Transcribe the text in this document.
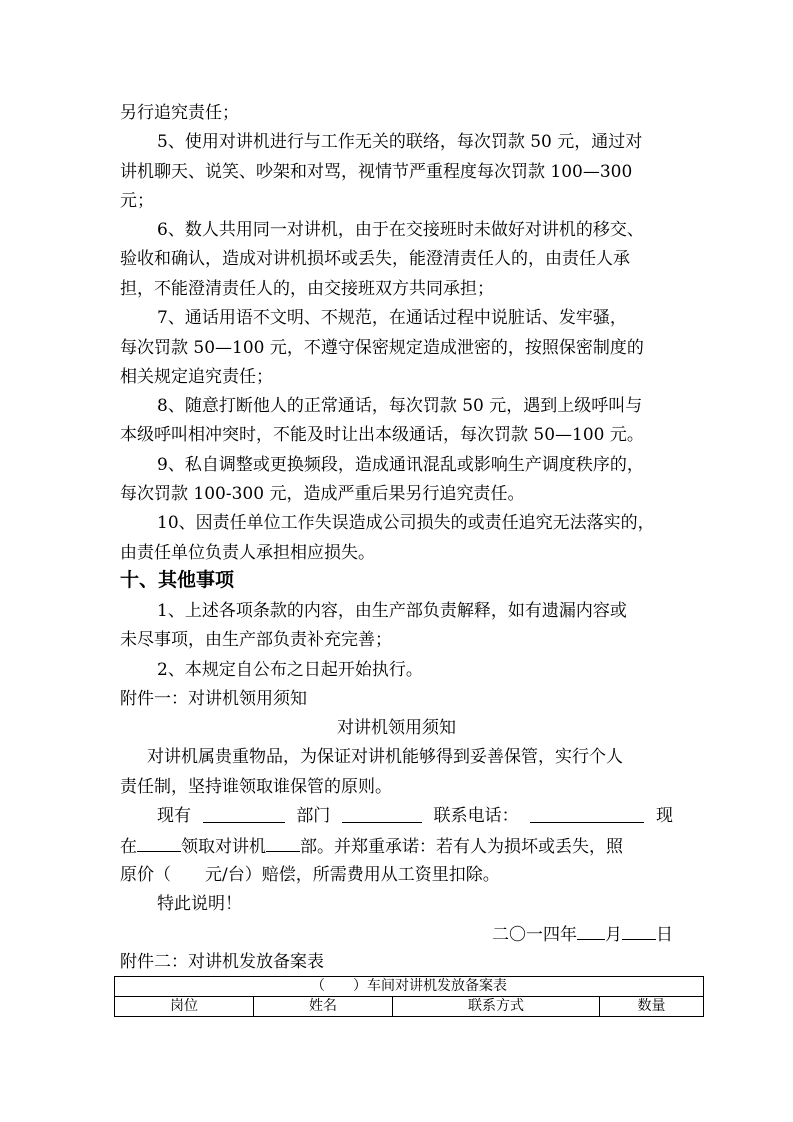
另行追究责任；
5、使用对讲机进行与工作无关的联络，每次罚款 50 元，通过对
讲机聊天、说笑、吵架和对骂，视情节严重程度每次罚款 100—300
元；
6、数人共用同一对讲机，由于在交接班时未做好对讲机的移交、
验收和确认，造成对讲机损坏或丢失，能澄清责任人的，由责任人承
担，不能澄清责任人的，由交接班双方共同承担；
7、通话用语不文明、不规范，在通话过程中说脏话、发牢骚，
每次罚款 50—100 元，不遵守保密规定造成泄密的，按照保密制度的
相关规定追究责任；
8、随意打断他人的正常通话，每次罚款 50 元，遇到上级呼叫与
本级呼叫相冲突时，不能及时让出本级通话，每次罚款 50—100 元。
9、私自调整或更换频段，造成通讯混乱或影响生产调度秩序的，
每次罚款 100-300 元，造成严重后果另行追究责任。
10、因责任单位工作失误造成公司损失的或责任追究无法落实的，
由责任单位负责人承担相应损失。
十、其他事项
1、上述各项条款的内容，由生产部负责解释，如有遗漏内容或
未尽事项，由生产部负责补充完善；
2、本规定自公布之日起开始执行。
附件一：对讲机领用须知
对讲机领用须知
对讲机属贵重物品，为保证对讲机能够得到妥善保管，实行个人
责任制，坚持谁领取谁保管的原则。
现有	部门	联系电话：	现
在	领取对讲机 部。并郑重承诺：若有人为损坏或丢失，照
原价（ 元/台）赔偿，所需费用从工资里扣除。
特此说明！
二〇一四年 月 日
附件二：对讲机发放备案表
（　　）车间对讲机发放备案表
岗位	姓名	联系方式	数量
